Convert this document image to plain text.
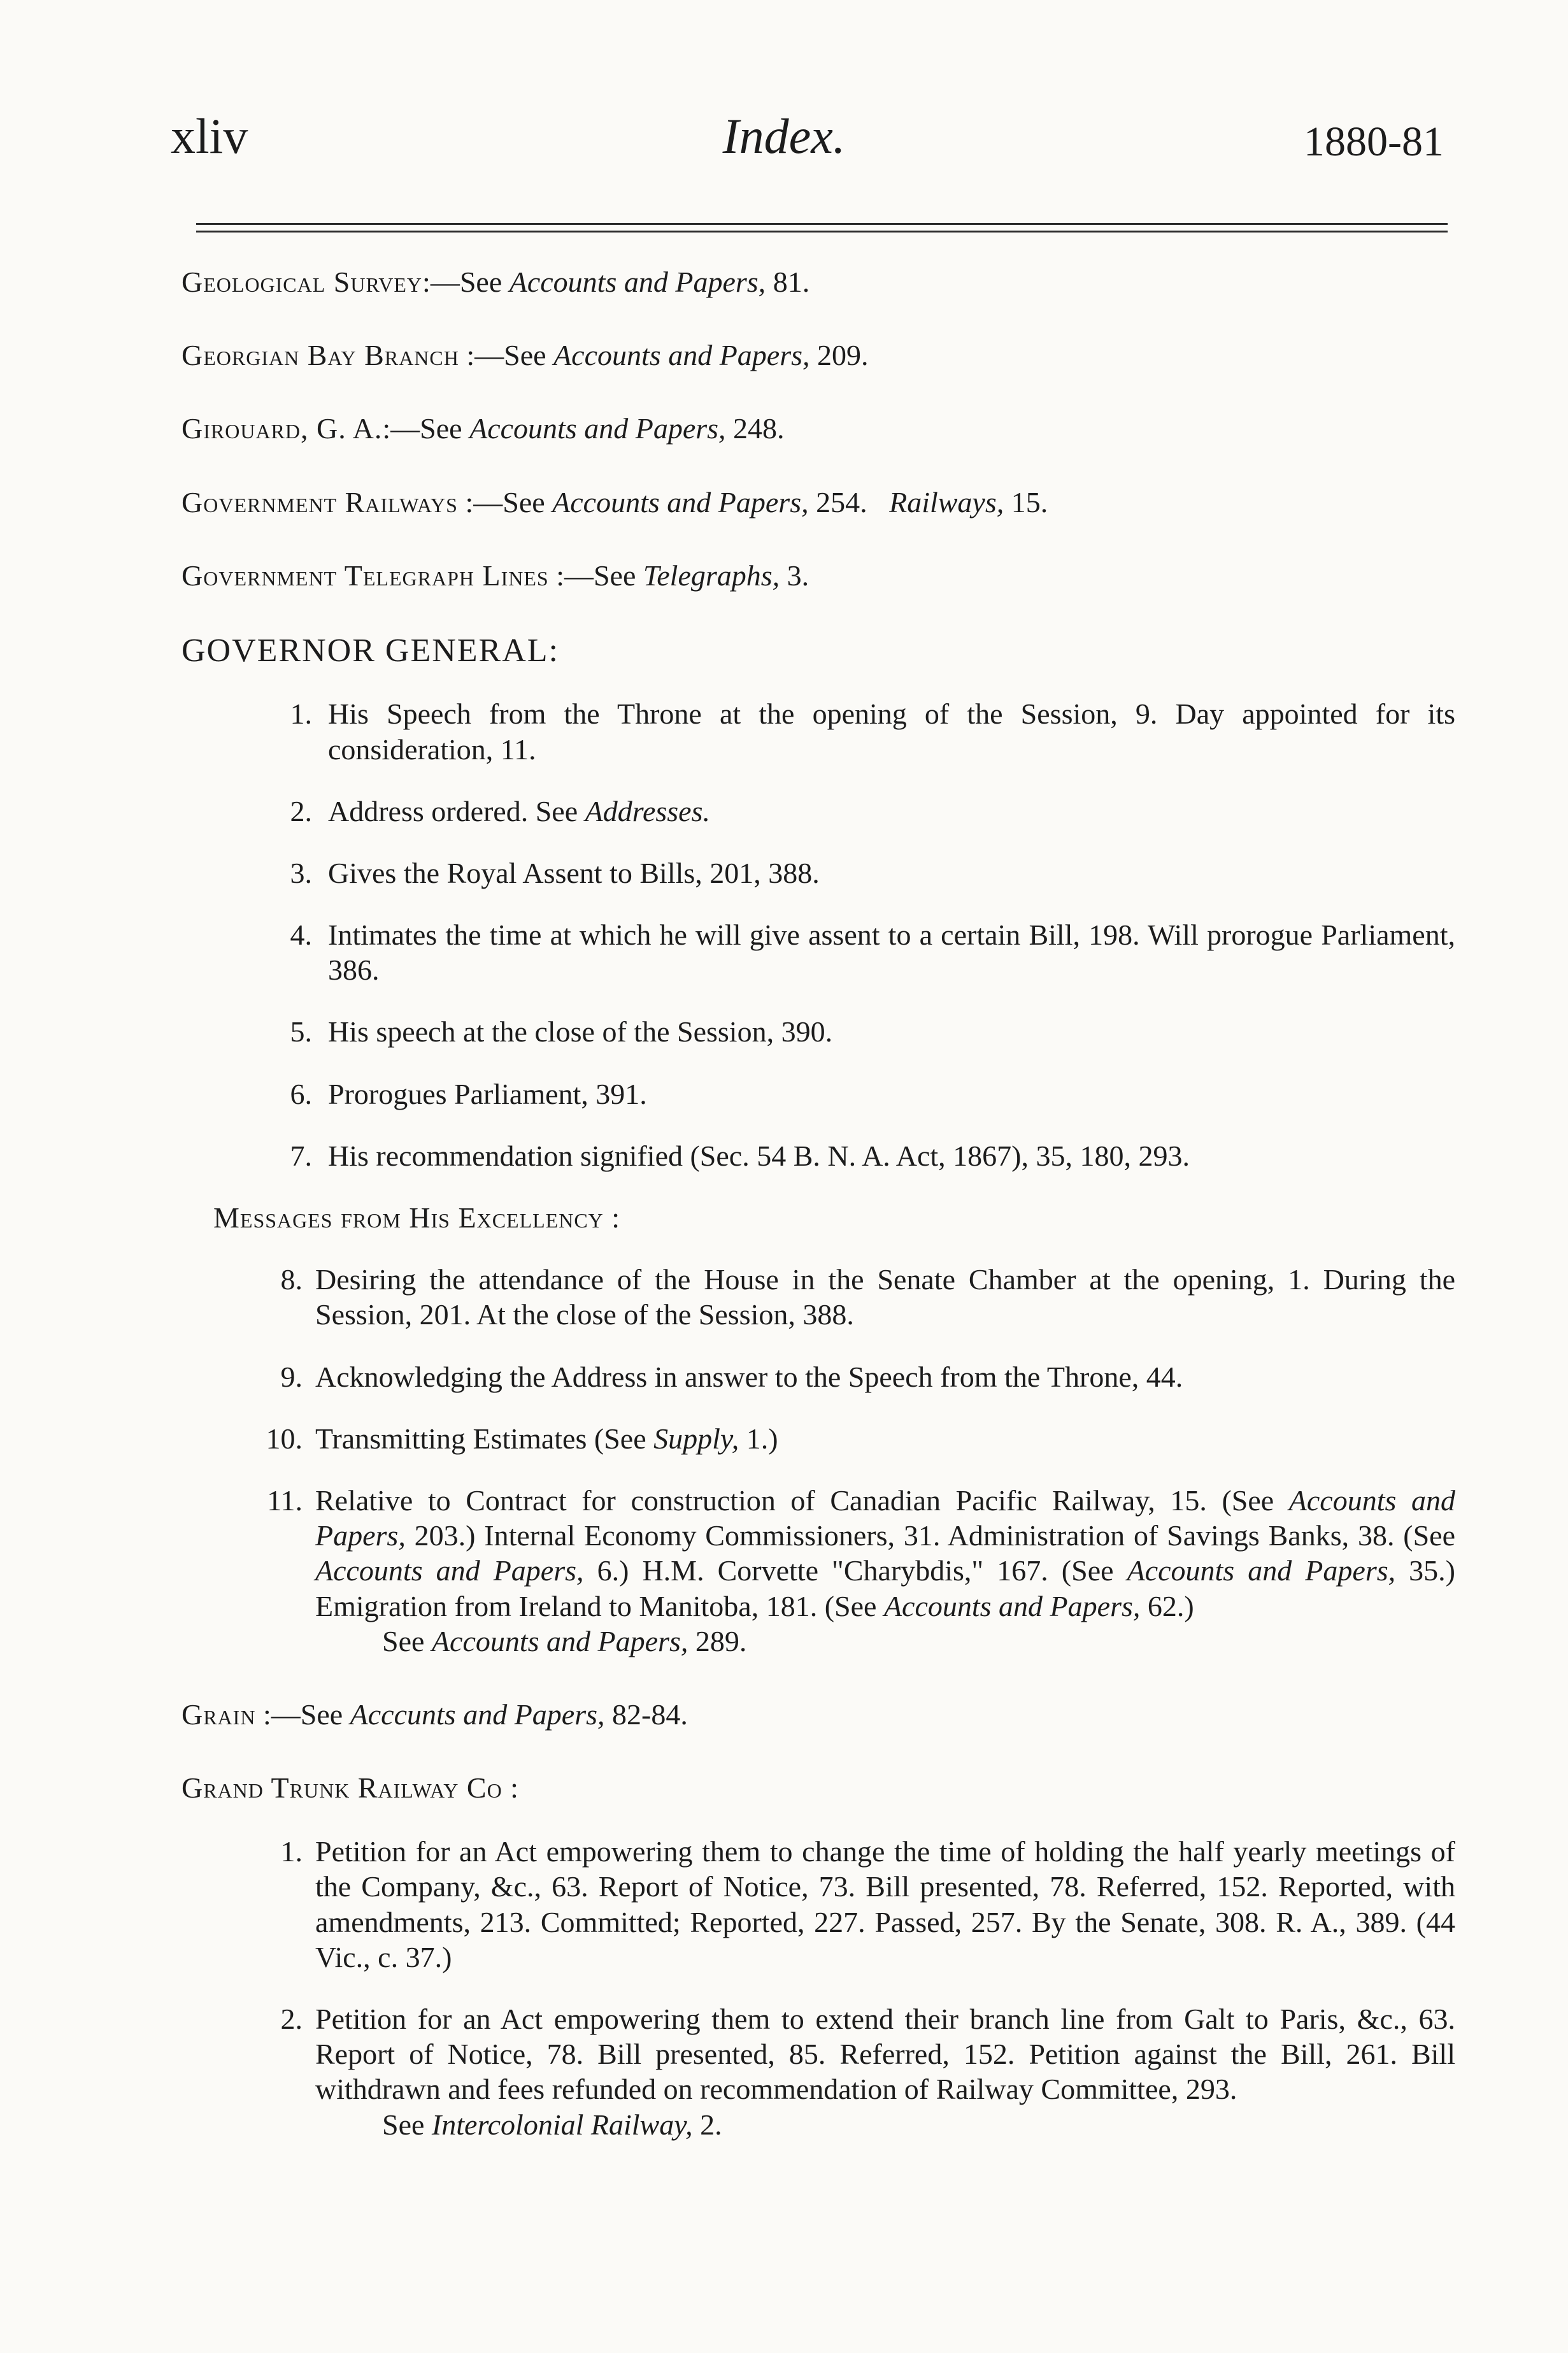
xliv	Index.	1880-81
Geological Survey:—See Accounts and Papers, 81.
Georgian Bay Branch :—See Accounts and Papers, 209.
Girouard, G. A.:—See Accounts and Papers, 248.
Government Railways :—See Accounts and Papers, 254. Railways, 15.
Government Telegraph Lines :—See Telegraphs, 3.
GOVERNOR GENERAL:
1. His Speech from the Throne at the opening of the Session, 9. Day appointed for its consideration, 11.
2. Address ordered. See Addresses.
3. Gives the Royal Assent to Bills, 201, 388.
4. Intimates the time at which he will give assent to a certain Bill, 198. Will prorogue Parliament, 386.
5. His speech at the close of the Session, 390.
6. Prorogues Parliament, 391.
7. His recommendation signified (Sec. 54 B. N. A. Act, 1867), 35, 180, 293.
Messages from His Excellency :
8. Desiring the attendance of the House in the Senate Chamber at the opening, 1. During the Session, 201. At the close of the Session, 388.
9. Acknowledging the Address in answer to the Speech from the Throne, 44.
10. Transmitting Estimates (See Supply, 1.)
11. Relative to Contract for construction of Canadian Pacific Railway, 15. (See Accounts and Papers, 203.) Internal Economy Commissioners, 31. Administration of Savings Banks, 38. (See Accounts and Papers, 6.) H.M. Corvette "Charybdis," 167. (See Accounts and Papers, 35.) Emigration from Ireland to Manitoba, 181. (See Accounts and Papers, 62.)
See Accounts and Papers, 289.
Grain :—See Acccunts and Papers, 82-84.
Grand Trunk Railway Co :
1. Petition for an Act empowering them to change the time of holding the half yearly meetings of the Company, &c., 63. Report of Notice, 73. Bill presented, 78. Referred, 152. Reported, with amendments, 213. Committed; Reported, 227. Passed, 257. By the Senate, 308. R. A., 389. (44 Vic., c. 37.)
2. Petition for an Act empowering them to extend their branch line from Galt to Paris, &c., 63. Report of Notice, 78. Bill presented, 85. Referred, 152. Petition against the Bill, 261. Bill withdrawn and fees refunded on recommendation of Railway Committee, 293.
See Intercolonial Railway, 2.
